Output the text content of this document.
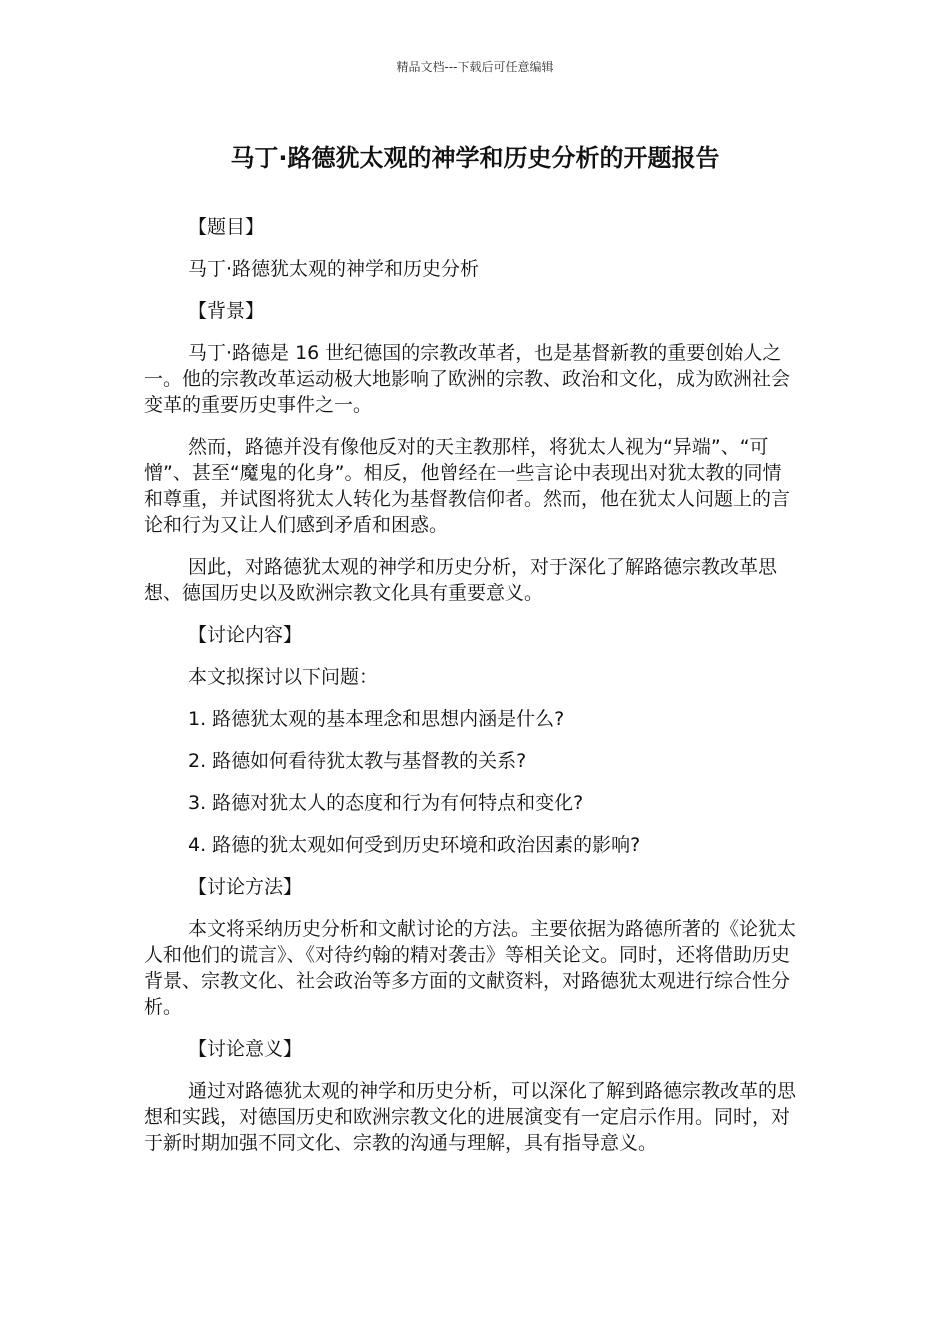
精品文档---下载后可任意编辑
马丁·路德犹太观的神学和历史分析的开题报告

【题目】

马丁·路德犹太观的神学和历史分析

【背景】

马丁·路德是 16 世纪德国的宗教改革者，也是基督新教的重要创始人之一。他的宗教改革运动极大地影响了欧洲的宗教、政治和文化，成为欧洲社会变革的重要历史事件之一。

然而，路德并没有像他反对的天主教那样，将犹太人视为“异端”、“可憎”、甚至“魔鬼的化身”。相反，他曾经在一些言论中表现出对犹太教的同情和尊重，并试图将犹太人转化为基督教信仰者。然而，他在犹太人问题上的言论和行为又让人们感到矛盾和困惑。

因此，对路德犹太观的神学和历史分析，对于深化了解路德宗教改革思想、德国历史以及欧洲宗教文化具有重要意义。

【讨论内容】

本文拟探讨以下问题：

1. 路德犹太观的基本理念和思想内涵是什么?

2. 路德如何看待犹太教与基督教的关系?

3. 路德对犹太人的态度和行为有何特点和变化?

4. 路德的犹太观如何受到历史环境和政治因素的影响?

【讨论方法】

本文将采纳历史分析和文献讨论的方法。主要依据为路德所著的《论犹太人和他们的谎言》、《对待约翰的精对袭击》等相关论文。同时，还将借助历史背景、宗教文化、社会政治等多方面的文献资料，对路德犹太观进行综合性分析。

【讨论意义】

通过对路德犹太观的神学和历史分析，可以深化了解到路德宗教改革的思想和实践，对德国历史和欧洲宗教文化的进展演变有一定启示作用。同时，对于新时期加强不同文化、宗教的沟通与理解，具有指导意义。
